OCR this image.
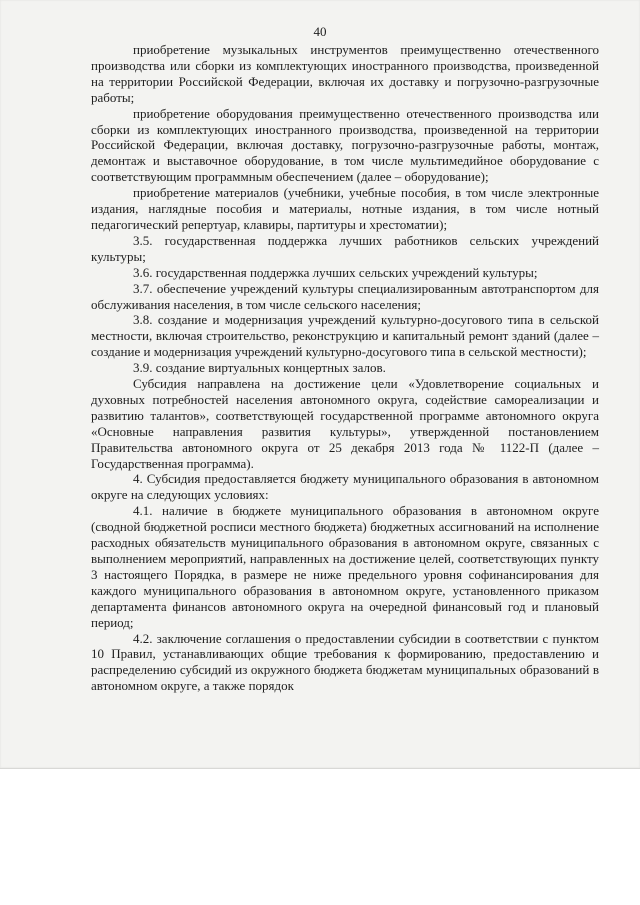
40

приобретение музыкальных инструментов преимущественно отечественного производства или сборки из комплектующих иностранного производства, произведенной на территории Российской Федерации, включая их доставку и погрузочно-разгрузочные работы;

приобретение оборудования преимущественно отечественного производства или сборки из комплектующих иностранного производства, произведенной на территории Российской Федерации, включая доставку, погрузочно-разгрузочные работы, монтаж, демонтаж и выставочное оборудование, в том числе мультимедийное оборудование с соответствующим программным обеспечением (далее – оборудование);

приобретение материалов (учебники, учебные пособия, в том числе электронные издания, наглядные пособия и материалы, нотные издания, в том числе нотный педагогический репертуар, клавиры, партитуры и хрестоматии);

3.5. государственная поддержка лучших работников сельских учреждений культуры;

3.6. государственная поддержка лучших сельских учреждений культуры;

3.7. обеспечение учреждений культуры специализированным автотранспортом для обслуживания населения, в том числе сельского населения;

3.8. создание и модернизация учреждений культурно-досугового типа в сельской местности, включая строительство, реконструкцию и капитальный ремонт зданий (далее – создание и модернизация учреждений культурно-досугового типа в сельской местности);

3.9. создание виртуальных концертных залов.

Субсидия направлена на достижение цели «Удовлетворение социальных и духовных потребностей населения автономного округа, содействие самореализации и развитию талантов», соответствующей государственной программе автономного округа «Основные направления развития культуры», утвержденной постановлением Правительства автономного округа от 25 декабря 2013 года № 1122-П (далее – Государственная программа).

4. Субсидия предоставляется бюджету муниципального образования в автономном округе на следующих условиях:

4.1. наличие в бюджете муниципального образования в автономном округе (сводной бюджетной росписи местного бюджета) бюджетных ассигнований на исполнение расходных обязательств муниципального образования в автономном округе, связанных с выполнением мероприятий, направленных на достижение целей, соответствующих пункту 3 настоящего Порядка, в размере не ниже предельного уровня софинансирования для каждого муниципального образования в автономном округе, установленного приказом департамента финансов автономного округа на очередной финансовый год и плановый период;

4.2. заключение соглашения о предоставлении субсидии в соответствии с пунктом 10 Правил, устанавливающих общие требования к формированию, предоставлению и распределению субсидий из окружного бюджета бюджетам муниципальных образований в автономном округе, а также порядок
